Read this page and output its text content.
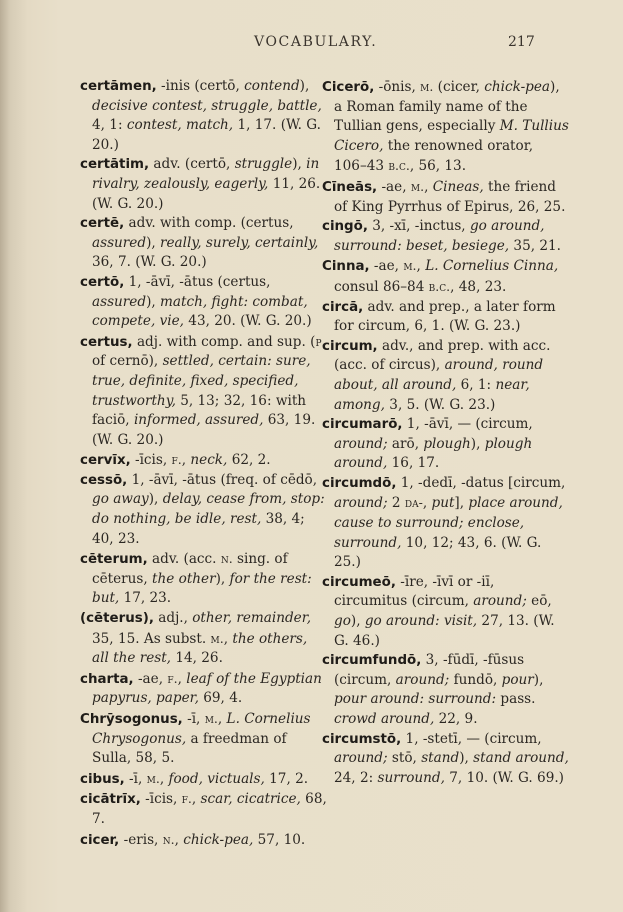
VOCABULARY.	217

certāmen, -inis (certō, contend), decisive contest, struggle, battle, 4, 1: contest, match, 1, 17. (W. G. 20.)

certātim, adv. (certō, struggle), in rivalry, zealously, eagerly, 11, 26. (W. G. 20.)

certē, adv. with comp. (certus, assured), really, surely, certainly, 36, 7. (W. G. 20.)

certō, 1, -āvī, -ātus (certus, assured), match, fight: combat, compete, vie, 43, 20. (W. G. 20.)

certus, adj. with comp. and sup. (p. of cernō), settled, certain: sure, true, definite, fixed, specified, trustworthy, 5, 13; 32, 16: with faciō, informed, assured, 63, 19. (W. G. 20.)

cervīx, -īcis, f., neck, 62, 2.

cessō, 1, -āvī, -ātus (freq. of cēdō, go away), delay, cease from, stop: do nothing, be idle, rest, 38, 4; 40, 23.

cēterum, adv. (acc. n. sing. of cēterus, the other), for the rest: but, 17, 23.

(cēterus), adj., other, remainder, 35, 15. As subst. m., the others, all the rest, 14, 26.

charta, -ae, f., leaf of the Egyptian papyrus, paper, 69, 4.

Chrȳsogonus, -ī, m., L. Cornelius Chrysogonus, a freedman of Sulla, 58, 5.

cibus, -ī, m., food, victuals, 17, 2.

cicātrīx, -īcis, f., scar, cicatrice, 68, 7.

cicer, -eris, n., chick-pea, 57, 10.

Cicerō, -ōnis, m. (cicer, chick-pea), a Roman family name of the Tullian gens, especially M. Tullius Cicero, the renowned orator, 106–43 b.c., 56, 13.

Cīneās, -ae, m., Cineas, the friend of King Pyrrhus of Epirus, 26, 25.

cingō, 3, -xī, -inctus, go around, surround: beset, besiege, 35, 21.

Cinna, -ae, m., L. Cornelius Cinna, consul 86–84 b.c., 48, 23.

circā, adv. and prep., a later form for circum, 6, 1. (W. G. 23.)

circum, adv., and prep. with acc. (acc. of circus), around, round about, all around, 6, 1: near, among, 3, 5. (W. G. 23.)

circumarō, 1, -āvī, — (circum, around; arō, plough), plough around, 16, 17.

circumdō, 1, -dedī, -datus [circum, around; 2 da-, put], place around, cause to surround; enclose, surround, 10, 12; 43, 6. (W. G. 25.)

circumeō, -īre, -īvī or -iī, circumitus (circum, around; eō, go), go around: visit, 27, 13. (W. G. 46.)

circumfundō, 3, -fūdī, -fūsus (circum, around; fundō, pour), pour around: surround: pass. crowd around, 22, 9.

circumstō, 1, -stetī, — (circum, around; stō, stand), stand around, 24, 2: surround, 7, 10. (W. G. 69.)
